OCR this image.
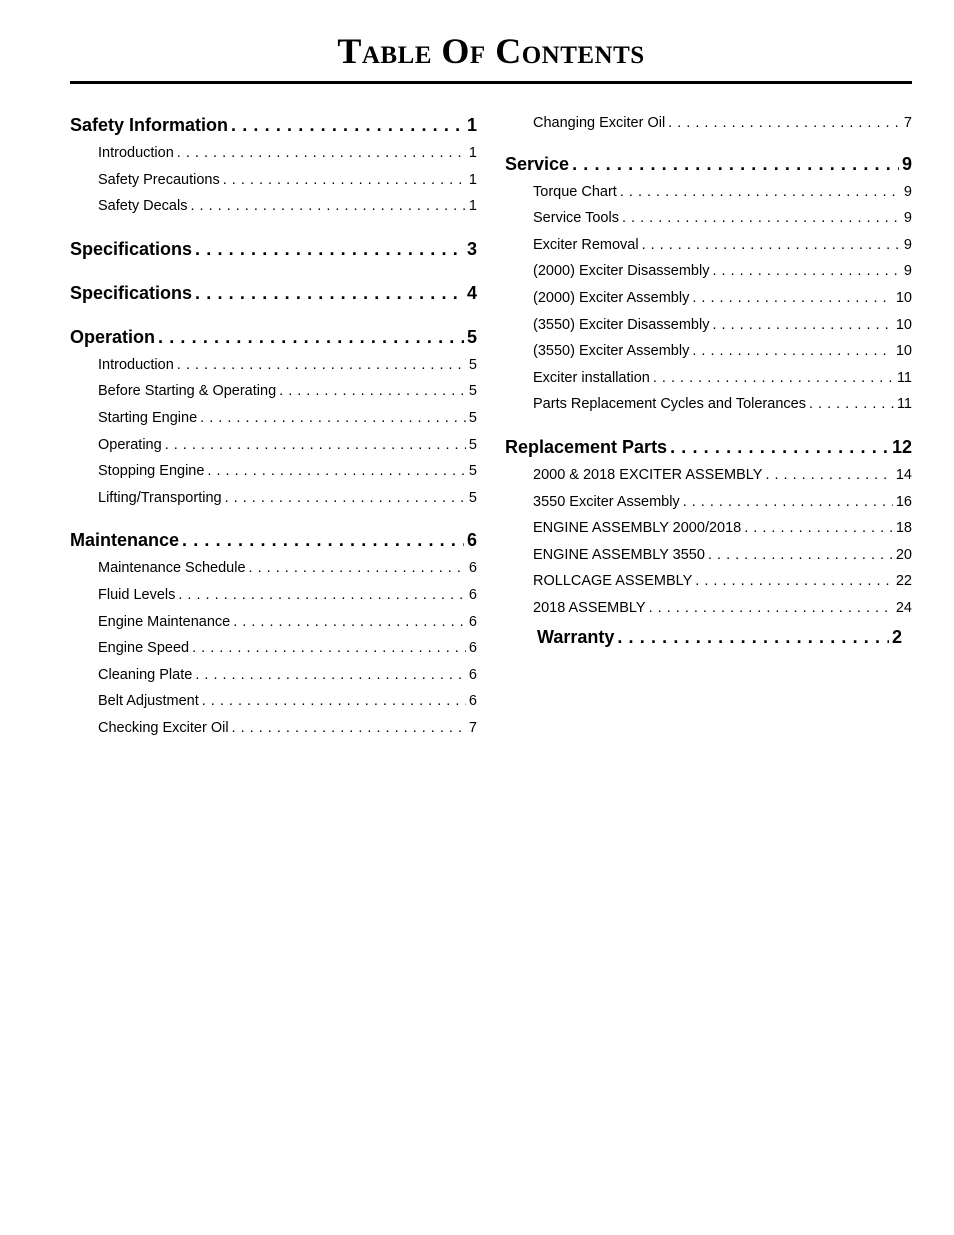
Table Of Contents
Safety Information . . .	1
Introduction . . .	1
Safety Precautions . . .	1
Safety Decals . . .	1
Specifications . . .	3
Specifications . . .	4
Operation . . .	5
Introduction . . .	5
Before Starting & Operating . . .	5
Starting Engine . . .	5
Operating . . .	5
Stopping Engine . . .	5
Lifting/Transporting . . .	5
Maintenance . . .	6
Maintenance Schedule . . .	6
Fluid Levels . . .	6
Engine Maintenance . . .	6
Engine Speed . . .	6
Cleaning Plate . . .	6
Belt Adjustment . . .	6
Checking Exciter Oil . . .	7
Changing Exciter Oil . . .	7
Service . . .	9
Torque Chart . . .	9
Service Tools . . .	9
Exciter Removal . . .	9
(2000) Exciter Disassembly . . .	9
(2000) Exciter Assembly . . .	10
(3550) Exciter Disassembly . . .	10
(3550) Exciter Assembly . . .	10
Exciter installation . . .	11
Parts Replacement Cycles and Tolerances . . .	11
Replacement Parts . . .	12
2000 & 2018 EXCITER ASSEMBLY . . .	14
3550 Exciter Assembly . . .	16
ENGINE ASSEMBLY 2000/2018 . . .	18
ENGINE ASSEMBLY 3550 . . .	20
ROLLCAGE ASSEMBLY . . .	22
2018 ASSEMBLY . . .	24
Warranty . . .	2
